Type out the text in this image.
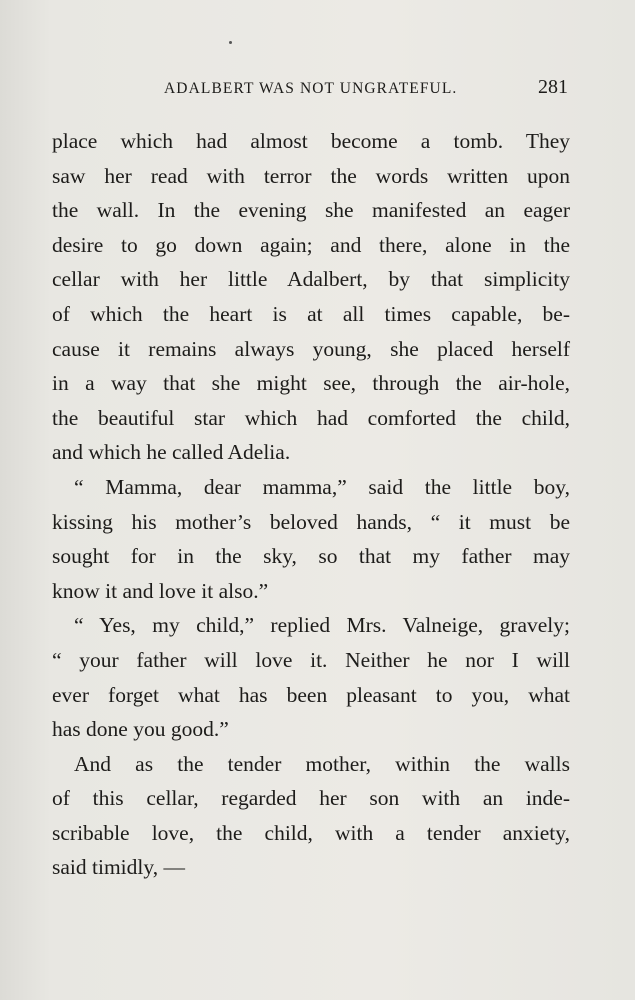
ADALBERT WAS NOT UNGRATEFUL.	281
place which had almost become a tomb. They
saw her read with terror the words written upon
the wall. In the evening she manifested an eager
desire to go down again; and there, alone in the
cellar with her little Adalbert, by that simplicity
of which the heart is at all times capable, be-
cause it remains always young, she placed herself
in a way that she might see, through the air-hole,
the beautiful star which had comforted the child,
and which he called Adelia.
“ Mamma, dear mamma,” said the little boy,
kissing his mother’s beloved hands, “ it must be
sought for in the sky, so that my father may
know it and love it also.”
“ Yes, my child,” replied Mrs. Valneige, gravely;
“ your father will love it. Neither he nor I will
ever forget what has been pleasant to you, what
has done you good.”
And as the tender mother, within the walls
of this cellar, regarded her son with an inde-
scribable love, the child, with a tender anxiety,
said timidly, —
